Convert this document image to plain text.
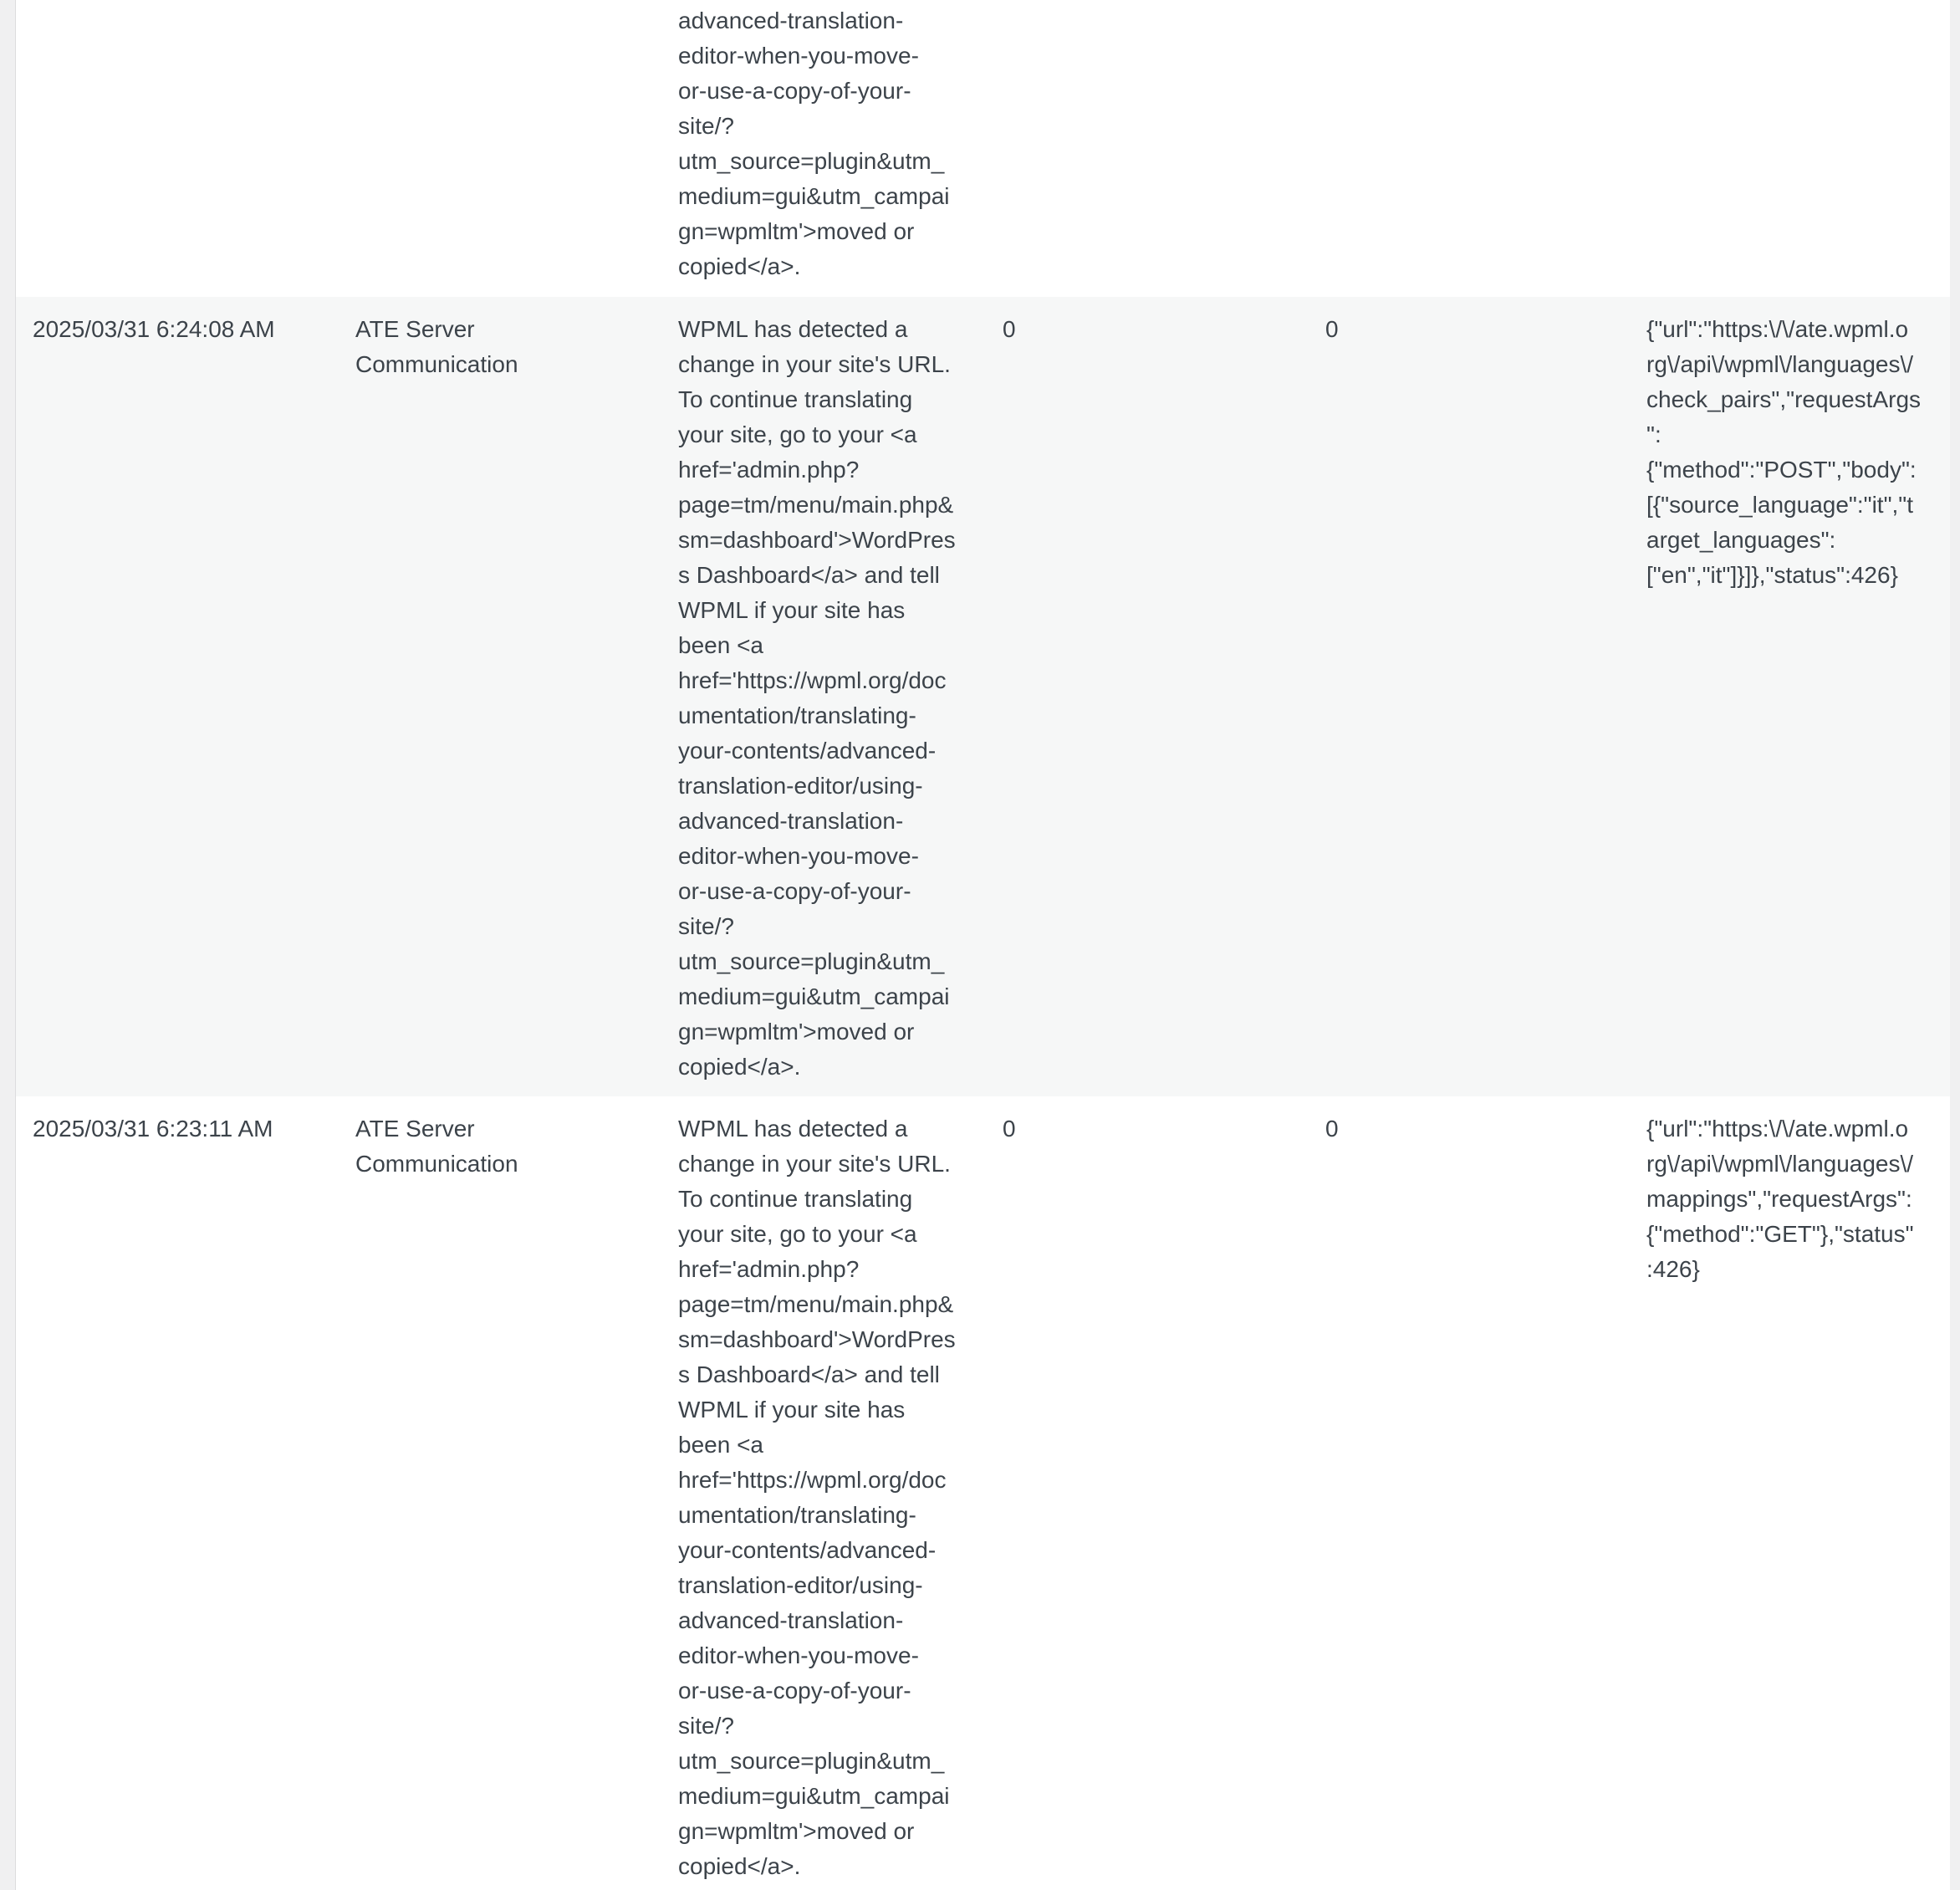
advanced-translation-
editor-when-you-move-
or-use-a-copy-of-your-
site/?
utm_source=plugin&utm_
medium=gui&utm_campai
gn=wpmltm'>moved or
copied</a>.
2025/03/31 6:24:08 AM	ATE Server
Communication
WPML has detected a
change in your site's URL.
To continue translating
your site, go to your <a
href='admin.php?
page=tm/menu/main.php&
sm=dashboard'>WordPres
s Dashboard</a> and tell
WPML if your site has
been <a
href='https://wpml.org/doc
umentation/translating-
your-contents/advanced-
translation-editor/using-
advanced-translation-
editor-when-you-move-
or-use-a-copy-of-your-
site/?
utm_source=plugin&utm_
medium=gui&utm_campai
gn=wpmltm'>moved or
copied</a>.
0	0	{"url":"https:\/\/ate.wpml.o
rg\/api\/wpml\/languages\/
check_pairs","requestArgs
":
{"method":"POST","body":
[{"source_language":"it","t
arget_languages":
["en","it"]}]},"status":426}
2025/03/31 6:23:11 AM	ATE Server
Communication
WPML has detected a
change in your site's URL.
To continue translating
your site, go to your <a
href='admin.php?
page=tm/menu/main.php&
sm=dashboard'>WordPres
s Dashboard</a> and tell
WPML if your site has
been <a
href='https://wpml.org/doc
umentation/translating-
your-contents/advanced-
translation-editor/using-
advanced-translation-
editor-when-you-move-
or-use-a-copy-of-your-
site/?
utm_source=plugin&utm_
medium=gui&utm_campai
gn=wpmltm'>moved or
copied</a>.
0	0	{"url":"https:\/\/ate.wpml.o
rg\/api\/wpml\/languages\/
mappings","requestArgs":
{"method":"GET"},"status"
:426}
